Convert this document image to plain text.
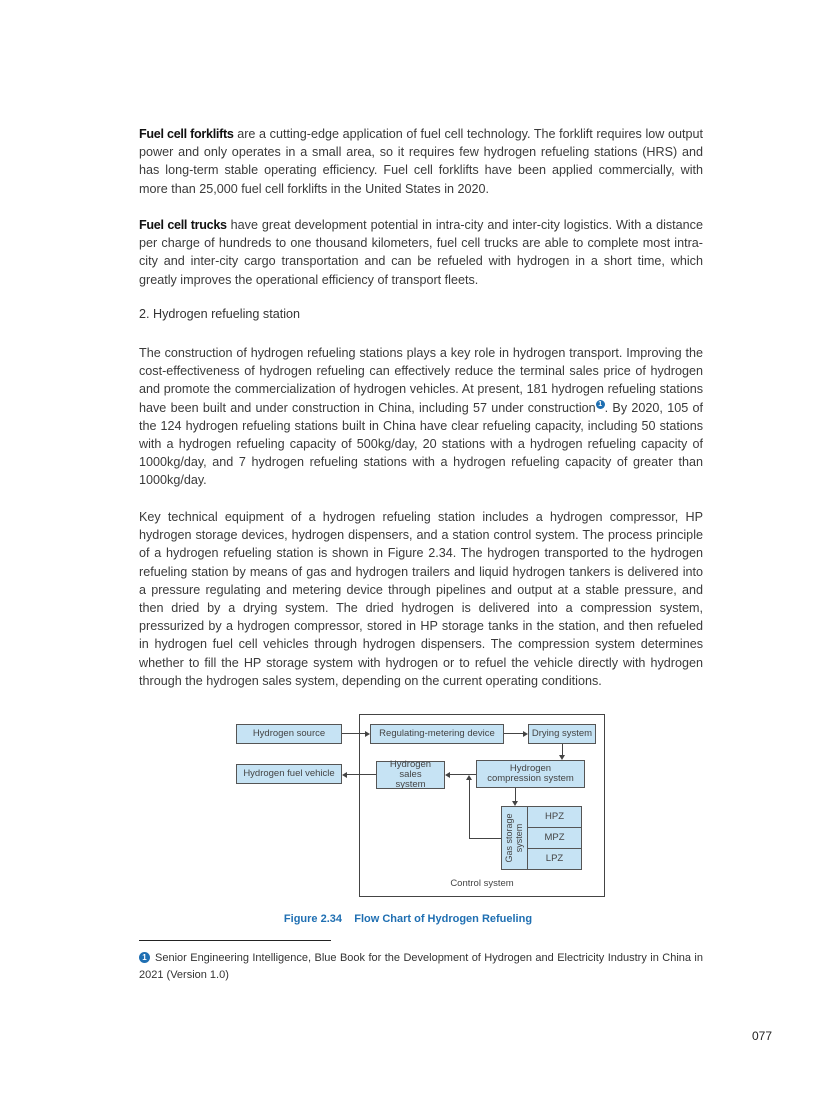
Fuel cell forklifts are a cutting-edge application of fuel cell technology. The forklift requires low output power and only operates in a small area, so it requires few hydrogen refueling stations (HRS) and has long-term stable operating efficiency. Fuel cell forklifts have been applied commercially, with more than 25,000 fuel cell forklifts in the United States in 2020.
Fuel cell trucks have great development potential in intra-city and inter-city logistics. With a distance per charge of hundreds to one thousand kilometers, fuel cell trucks are able to complete most intra-city and inter-city cargo transportation and can be refueled with hydrogen in a short time, which greatly improves the operational efficiency of transport fleets.
2. Hydrogen refueling station
The construction of hydrogen refueling stations plays a key role in hydrogen transport. Improving the cost-effectiveness of hydrogen refueling can effectively reduce the terminal sales price of hydrogen and promote the commercialization of hydrogen vehicles. At present, 181 hydrogen refueling stations have been built and under construction in China, including 57 under construction 1 . By 2020, 105 of the 124 hydrogen refueling stations built in China have clear refueling capacity, including 50 stations with a hydrogen refueling capacity of 500kg/day, 20 stations with a hydrogen refueling capacity of 1000kg/day, and 7 hydrogen refueling stations with a hydrogen refueling capacity of greater than 1000kg/day.
Key technical equipment of a hydrogen refueling station includes a hydrogen compressor, HP hydrogen storage devices, hydrogen dispensers, and a station control system. The process principle of a hydrogen refueling station is shown in Figure 2.34. The hydrogen transported to the hydrogen refueling station by means of gas and hydrogen trailers and liquid hydrogen tankers is delivered into a pressure regulating and metering device through pipelines and output at a stable pressure, and then dried by a drying system. The dried hydrogen is delivered into a compression system, pressurized by a hydrogen compressor, stored in HP storage tanks in the station, and then refueled in hydrogen fuel cell vehicles through hydrogen dispensers. The compression system determines whether to fill the HP storage system with hydrogen or to refuel the vehicle directly with hydrogen through the hydrogen sales system, depending on the current operating conditions.
Control system
Hydrogen source	Regulating-metering device	Drying system
Hydrogen fuel vehicle
Hydrogen sales system
Hydrogen compression system
Gas storage system
HPZ
MPZ
LPZ
Figure 2.34    Flow Chart of Hydrogen Refueling
1 Senior Engineering Intelligence, Blue Book for the Development of Hydrogen and Electricity Industry in China in 2021 (Version 1.0)
077
